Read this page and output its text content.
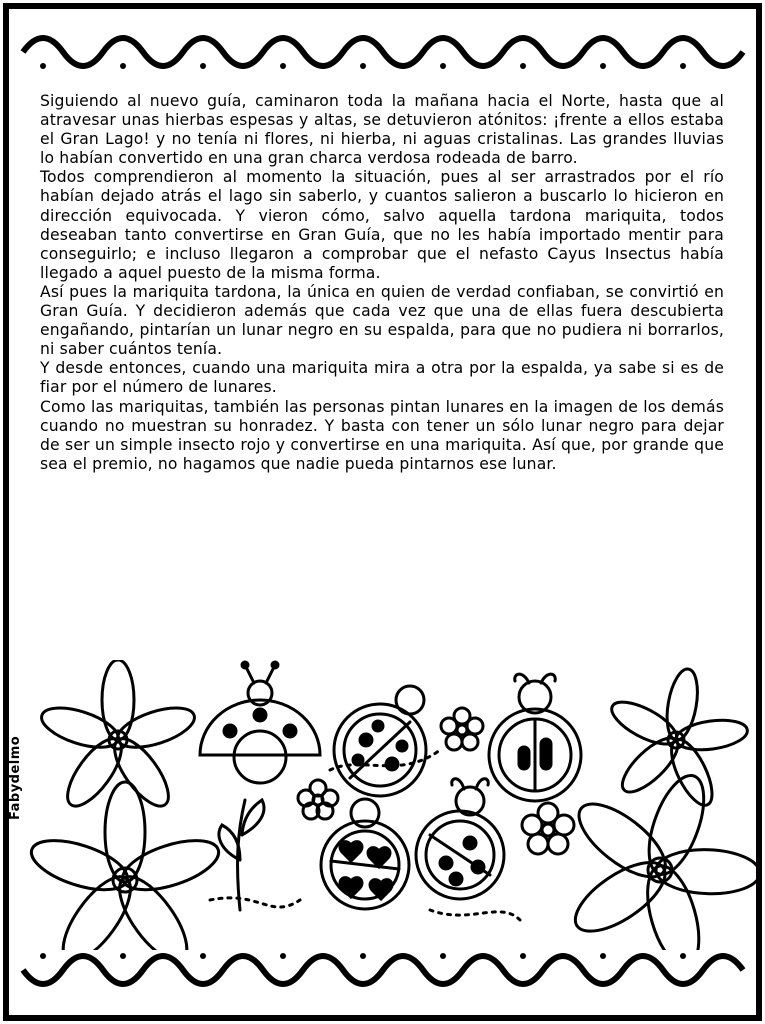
Siguiendo al nuevo guía, caminaron toda la mañana hacia el Norte, hasta que al atravesar unas hierbas espesas y altas, se detuvieron atónitos: ¡frente a ellos estaba el Gran Lago! y no tenía ni flores, ni hierba, ni aguas cristalinas. Las grandes lluvias lo habían convertido en una gran charca verdosa rodeada de barro.

Todos comprendieron al momento la situación, pues al ser arrastrados por el río habían dejado atrás el lago sin saberlo, y cuantos salieron a buscarlo lo hicieron en dirección equivocada. Y vieron cómo, salvo aquella tardona mariquita, todos deseaban tanto convertirse en Gran Guía, que no les había importado mentir para conseguirlo; e incluso llegaron a comprobar que el nefasto Cayus Insectus había llegado a aquel puesto de la misma forma.

Así pues la mariquita tardona, la única en quien de verdad confiaban, se convirtió en Gran Guía. Y decidieron además que cada vez que una de ellas fuera descubierta engañando, pintarían un lunar negro en su espalda, para que no pudiera ni borrarlos, ni saber cuántos tenía.

Y desde entonces, cuando una mariquita mira a otra por la espalda, ya sabe si es de fiar por el número de lunares.

Como las mariquitas, también las personas pintan lunares en la imagen de los demás cuando no muestran su honradez. Y basta con tener un sólo lunar negro para dejar de ser un simple insecto rojo y convertirse en una mariquita. Así que, por grande que sea el premio, no hagamos que nadie pueda pintarnos ese lunar.

Fabydelmo
